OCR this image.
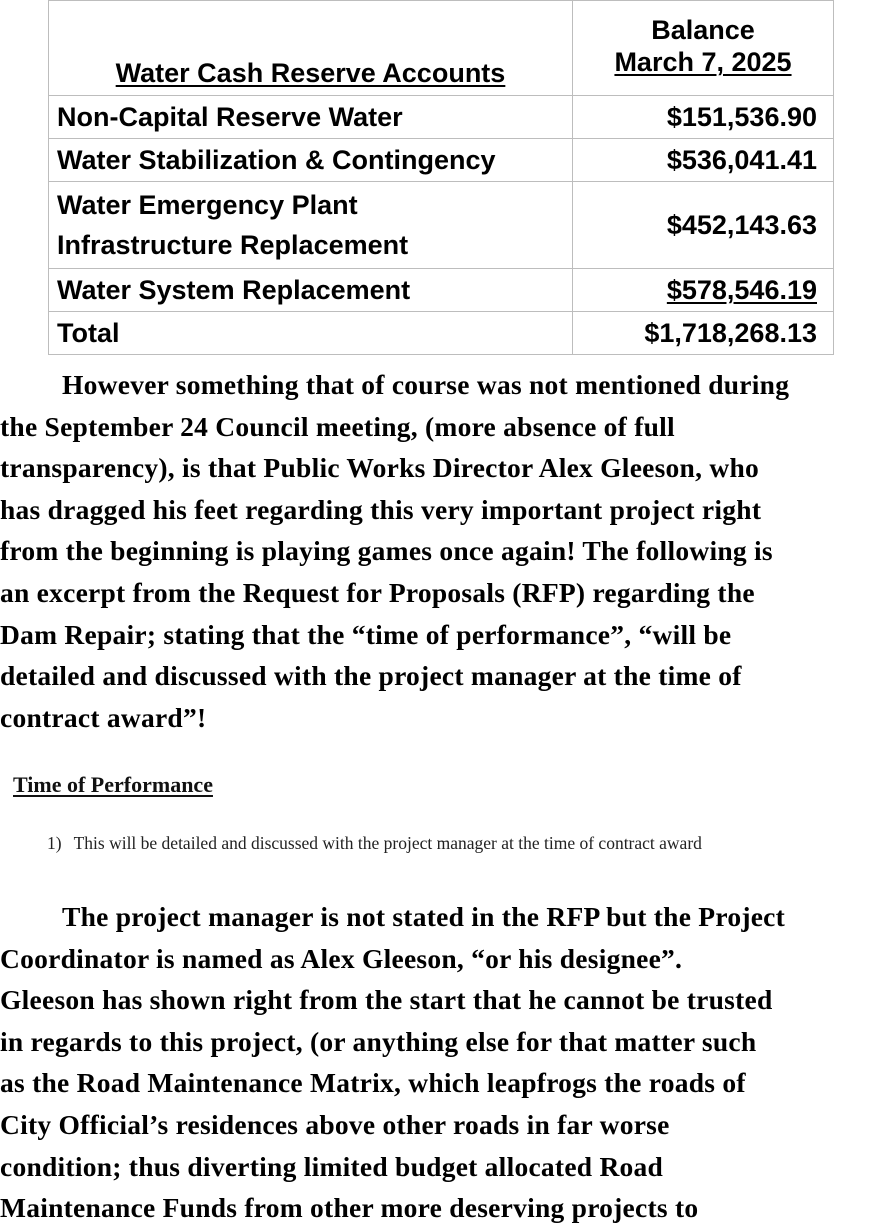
Water Cash Reserve Accounts	Balance
March 7, 2025

Non-Capital Reserve Water	$151,536.90
Water Stabilization & Contingency	$536,041.41

Water Emergency Plant
Infrastructure Replacement	$452,143.63
Water System Replacement	$578,546.19
Total	$1,718,268.13

However something that of course was not mentioned during
the September 24 Council meeting, (more absence of full
transparency), is that Public Works Director Alex Gleeson, who
has dragged his feet regarding this very important project right
from the beginning is playing games once again! The following is
an excerpt from the Request for Proposals (RFP) regarding the
Dam Repair; stating that the “time of performance”, “will be
detailed and discussed with the project manager at the time of
contract award”!

Time of Performance
1) This will be detailed and discussed with the project manager at the time of contract award

The project manager is not stated in the RFP but the Project
Coordinator is named as Alex Gleeson, “or his designee”.
Gleeson has shown right from the start that he cannot be trusted
in regards to this project, (or anything else for that matter such
as the Road Maintenance Matrix, which leapfrogs the roads of
City Official’s residences above other roads in far worse
condition; thus diverting limited budget allocated Road
Maintenance Funds from other more deserving projects to
